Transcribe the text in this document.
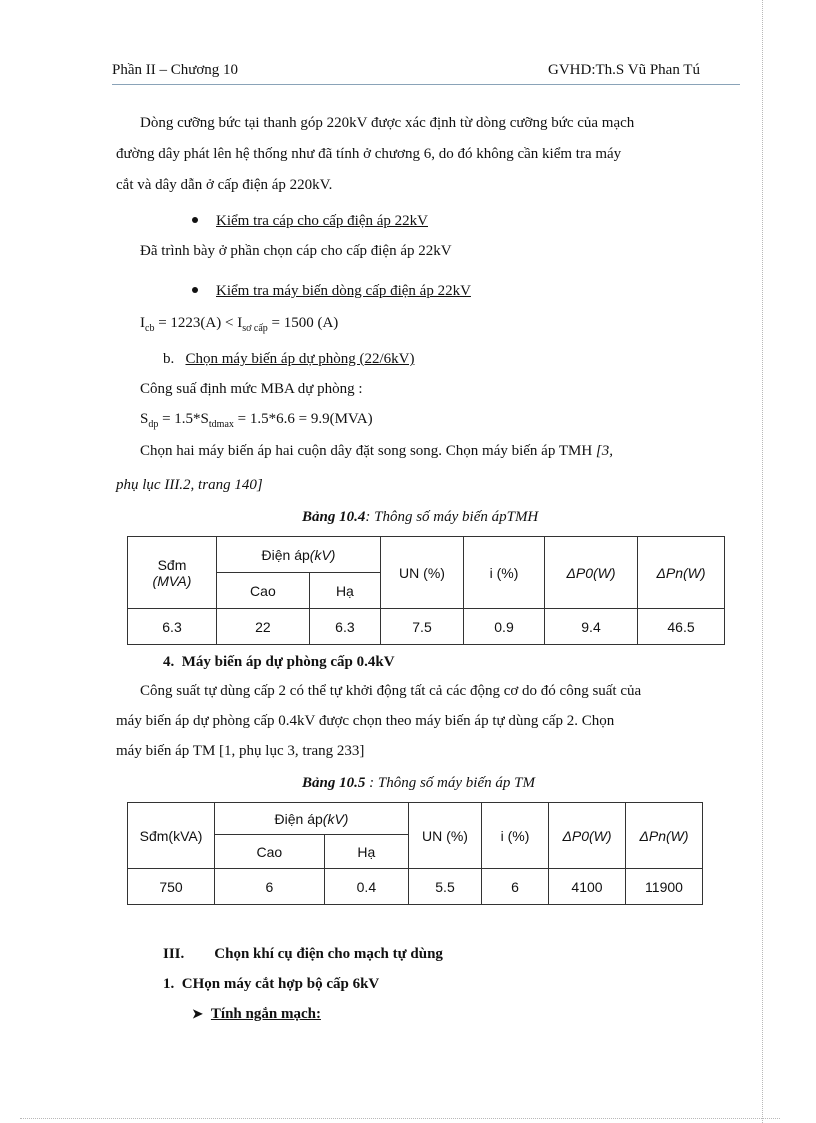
Phần II – Chương 10	GVHD:Th.S Vũ Phan Tú
Dòng cưỡng bức tại thanh góp 220kV được xác định từ dòng cưỡng bức của mạch
đường dây phát lên hệ thống như đã tính ở chương 6, do đó không cần kiểm tra máy
cắt và dây dẫn ở cấp điện áp 220kV.
Kiểm tra cáp cho cấp điện áp 22kV
Đã trình bày ở phần chọn cáp cho cấp điện áp 22kV
Kiểm tra máy biến dòng cấp điện áp 22kV
$I_{cb} = 1223(A) < I_{sơ cấp} = 1500$ (A)
b. Chọn máy biến áp dự phòng (22/6kV)
Công suấ định mức MBA dự phòng :
$S_{dp} = 1.5*S_{tdmax} = 1.5*6.6 = 9.9(MVA)$
Chọn hai máy biến áp hai cuộn dây đặt song song. Chọn máy biến áp TMH [3,
phụ lục III.2, trang 140]
Bảng 10.4: Thông số máy biến ápTMH
Sđm
(MVA)	Điện áp(kV)		UN (%)	i (%)	ΔP0(W)	ΔPn(W)
	Cao	Hạ				
6.3	22	6.3	7.5	0.9	9.4	46.5
4. Máy biến áp dự phòng cấp 0.4kV
Công suất tự dùng cấp 2 có thể tự khởi động tất cả các động cơ do đó công suất của
máy biến áp dự phòng cấp 0.4kV được chọn theo máy biến áp tự dùng cấp 2. Chọn
máy biến áp TM [1, phụ lục 3, trang 233]
Bảng 10.5 : Thông số máy biến áp TM
Sđm(kVA)	Điện áp(kV)		UN (%)	i (%)	ΔP0(W)	ΔPn(W)
	Cao	Hạ				
750	6	0.4	5.5	6	4100	11900
III. Chọn khí cụ điện cho mạch tự dùng
1. CHọn máy cắt hợp bộ cấp 6kV
➤ Tính ngắn mạch:
